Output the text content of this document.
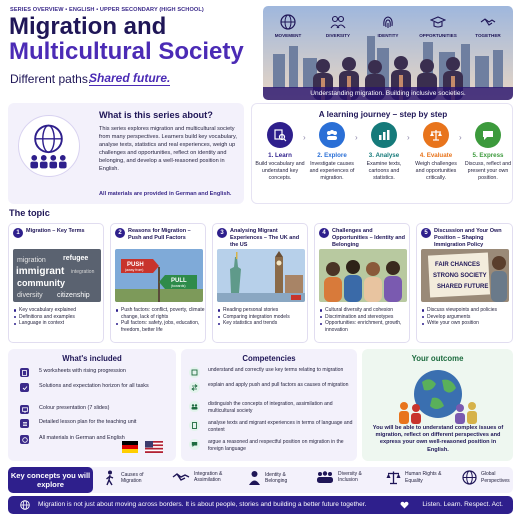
SERIES OVERVIEW • ENGLISH • UPPER SECONDARY (HIGH SCHOOL)
Migration and
Multicultural Society
Different paths.
Shared future.
MOVEMENT	DIVERSITY	IDENTITY	OPPORTUNITIES	TOGETHER
Understanding migration. Building inclusive societies.
What is this series about?
This series explores migration and multicultural society from many perspectives. Learners build key vocabulary, analyse texts, statistics and real experiences, weigh up challenges and opportunities, reflect on identity and belonging, and develop a well-reasoned position in English.
All materials are provided in German and English.
A learning journey – step by step
1. Learn
Build vocabulary and understand key concepts.
›
2. Explore
Investigate causes and experiences of migration.
›
3. Analyse
Examine texts, cartoons and statistics.
›
4. Evaluate
Weigh challenges and opportunities critically.
›
5. Express
Discuss, reflect and present your own position.
The topic
1	Migration – Key Terms
migration refugee
immigrant integration
community
diversity citizenship
Key vocabulary explained
Definitions and examples
Language in context
2	Reasons for Migration – Push and Pull Factors
PUSH
(away from)
PULL
(towards)
Push factors: conflict, poverty, climate change, lack of rights
Pull factors: safety, jobs, education, freedom, better life
3	Analysing Migrant Experiences – The UK and the US
Reading personal stories
Comparing integration models
Key statistics and trends
4	Challenges and Opportunities – Identity and Belonging
Cultural diversity and cohesion
Discrimination and stereotypes
Opportunities: enrichment, growth, innovation
5	Discussion and Your Own Position – Shaping Immigration Policy
FAIR CHANCES
STRONG SOCIETY
SHARED FUTURE
Discuss viewpoints and policies
Develop arguments
Write your own position
What's included
5 worksheets with rising progression
Solutions and expectation horizon for all tasks
Colour presentation (7 slides)
Detailed lesson plan for the teaching unit
All materials in German and English
Competencies
understand and correctly use key terms relating to migration
explain and apply push and pull factors as causes of migration
distinguish the concepts of integration, assimilation and multicultural society
analyse texts and migrant experiences in terms of language and content
argue a reasoned and respectful position on migration in the foreign language
Your outcome
You will be able to understand complex issues of migration, reflect on different perspectives and express your own well-reasoned position in English.
Key concepts you will explore
Causes of Migration
Integration & Assimilation
Identity & Belonging
Diversity & Inclusion
Human Rights & Equality
Global Perspectives
Migration is not just about moving across borders. It is about people, stories and building a better future together.	Listen. Learn. Respect. Act.
